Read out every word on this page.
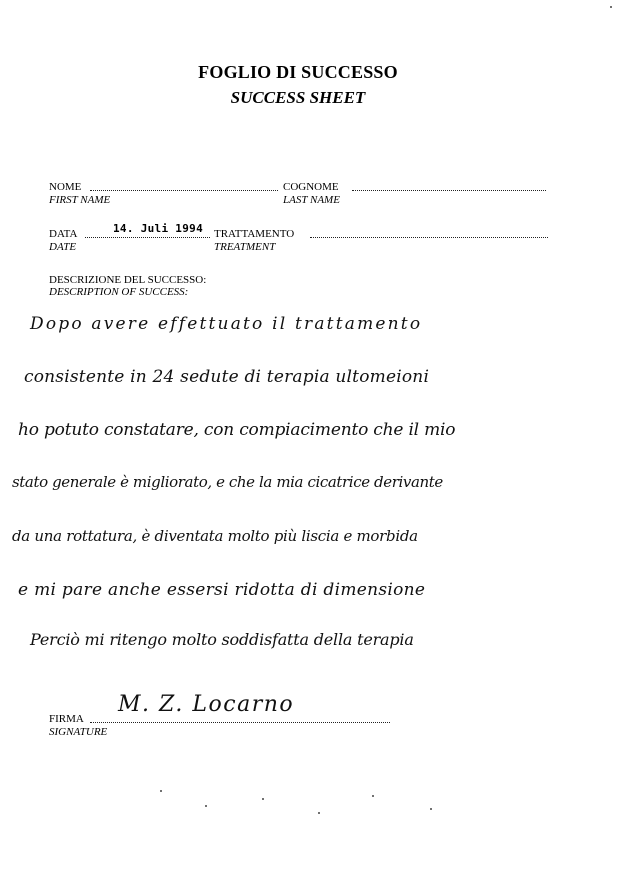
FOGLIO DI SUCCESSO
SUCCESS SHEET
NOME
FIRST NAME
COGNOME
LAST NAME
DATA	14. Juli 1994
DATE
TRATTAMENTO
TREATMENT
DESCRIZIONE DEL SUCCESSO:
DESCRIPTION OF SUCCESS:
Dopo avere effettuato il trattamento
consistente in 24 sedute di terapia ultomeioni
ho potuto constatare, con compiacimento che il mio
stato generale è migliorato, e che la mia cicatrice derivante
da una rottatura, è diventata molto più liscia e morbida
e mi pare anche essersi ridotta di dimensione
Perciò mi ritengo molto soddisfatta della terapia
FIRMA
SIGNATURE
M. Z. Locarno
